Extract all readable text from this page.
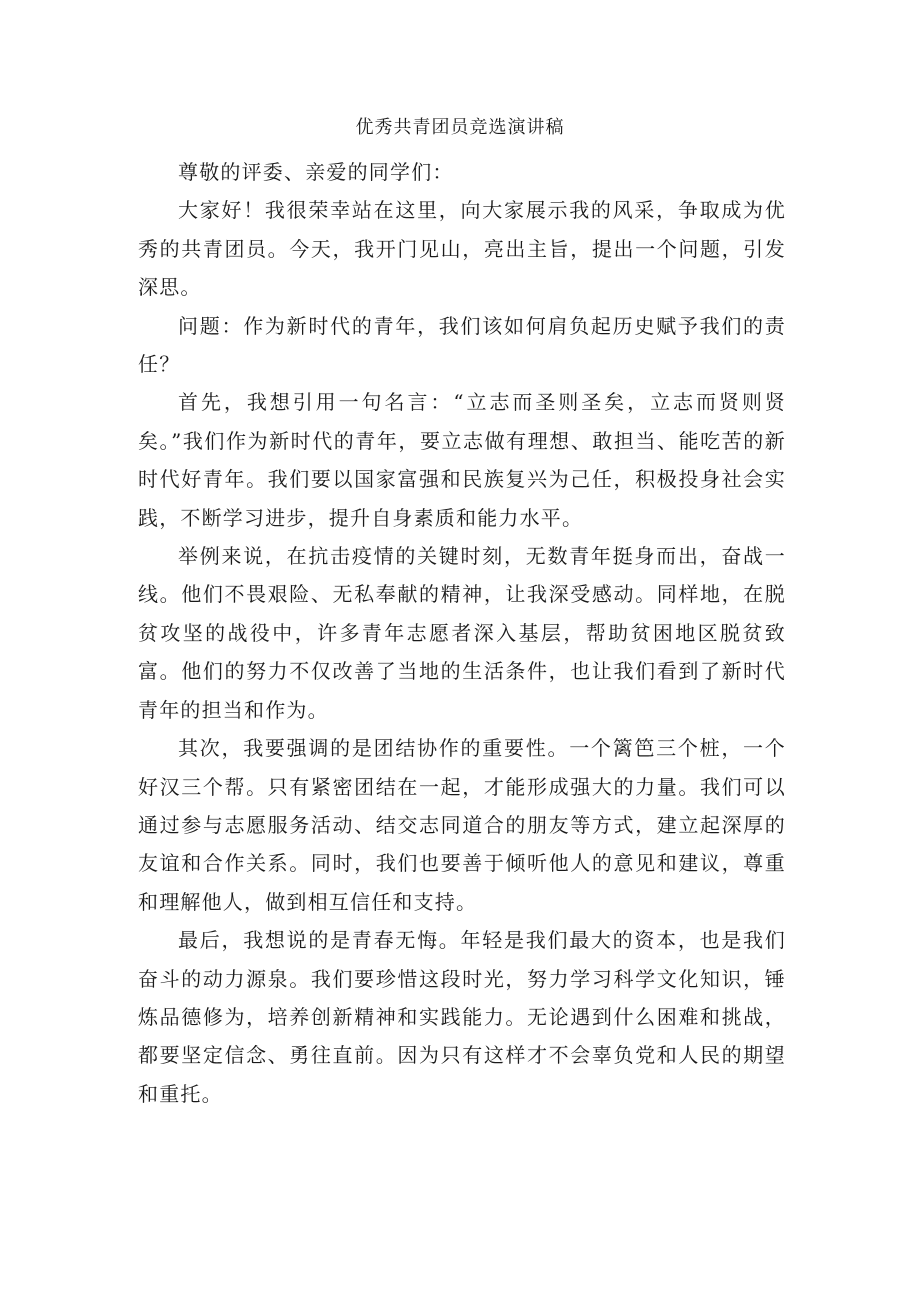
优秀共青团员竞选演讲稿

尊敬的评委、亲爱的同学们：

大家好！我很荣幸站在这里，向大家展示我的风采，争取成为优秀的共青团员。今天，我开门见山，亮出主旨，提出一个问题，引发深思。

问题：作为新时代的青年，我们该如何肩负起历史赋予我们的责任？

首先，我想引用一句名言：“立志而圣则圣矣，立志而贤则贤矣。”我们作为新时代的青年，要立志做有理想、敢担当、能吃苦的新时代好青年。我们要以国家富强和民族复兴为己任，积极投身社会实践，不断学习进步，提升自身素质和能力水平。

举例来说，在抗击疫情的关键时刻，无数青年挺身而出，奋战一线。他们不畏艰险、无私奉献的精神，让我深受感动。同样地，在脱贫攻坚的战役中，许多青年志愿者深入基层，帮助贫困地区脱贫致富。他们的努力不仅改善了当地的生活条件，也让我们看到了新时代青年的担当和作为。

其次，我要强调的是团结协作的重要性。一个篱笆三个桩，一个好汉三个帮。只有紧密团结在一起，才能形成强大的力量。我们可以通过参与志愿服务活动、结交志同道合的朋友等方式，建立起深厚的友谊和合作关系。同时，我们也要善于倾听他人的意见和建议，尊重和理解他人，做到相互信任和支持。

最后，我想说的是青春无悔。年轻是我们最大的资本，也是我们奋斗的动力源泉。我们要珍惜这段时光，努力学习科学文化知识，锤炼品德修为，培养创新精神和实践能力。无论遇到什么困难和挑战，都要坚定信念、勇往直前。因为只有这样才不会辜负党和人民的期望和重托。
